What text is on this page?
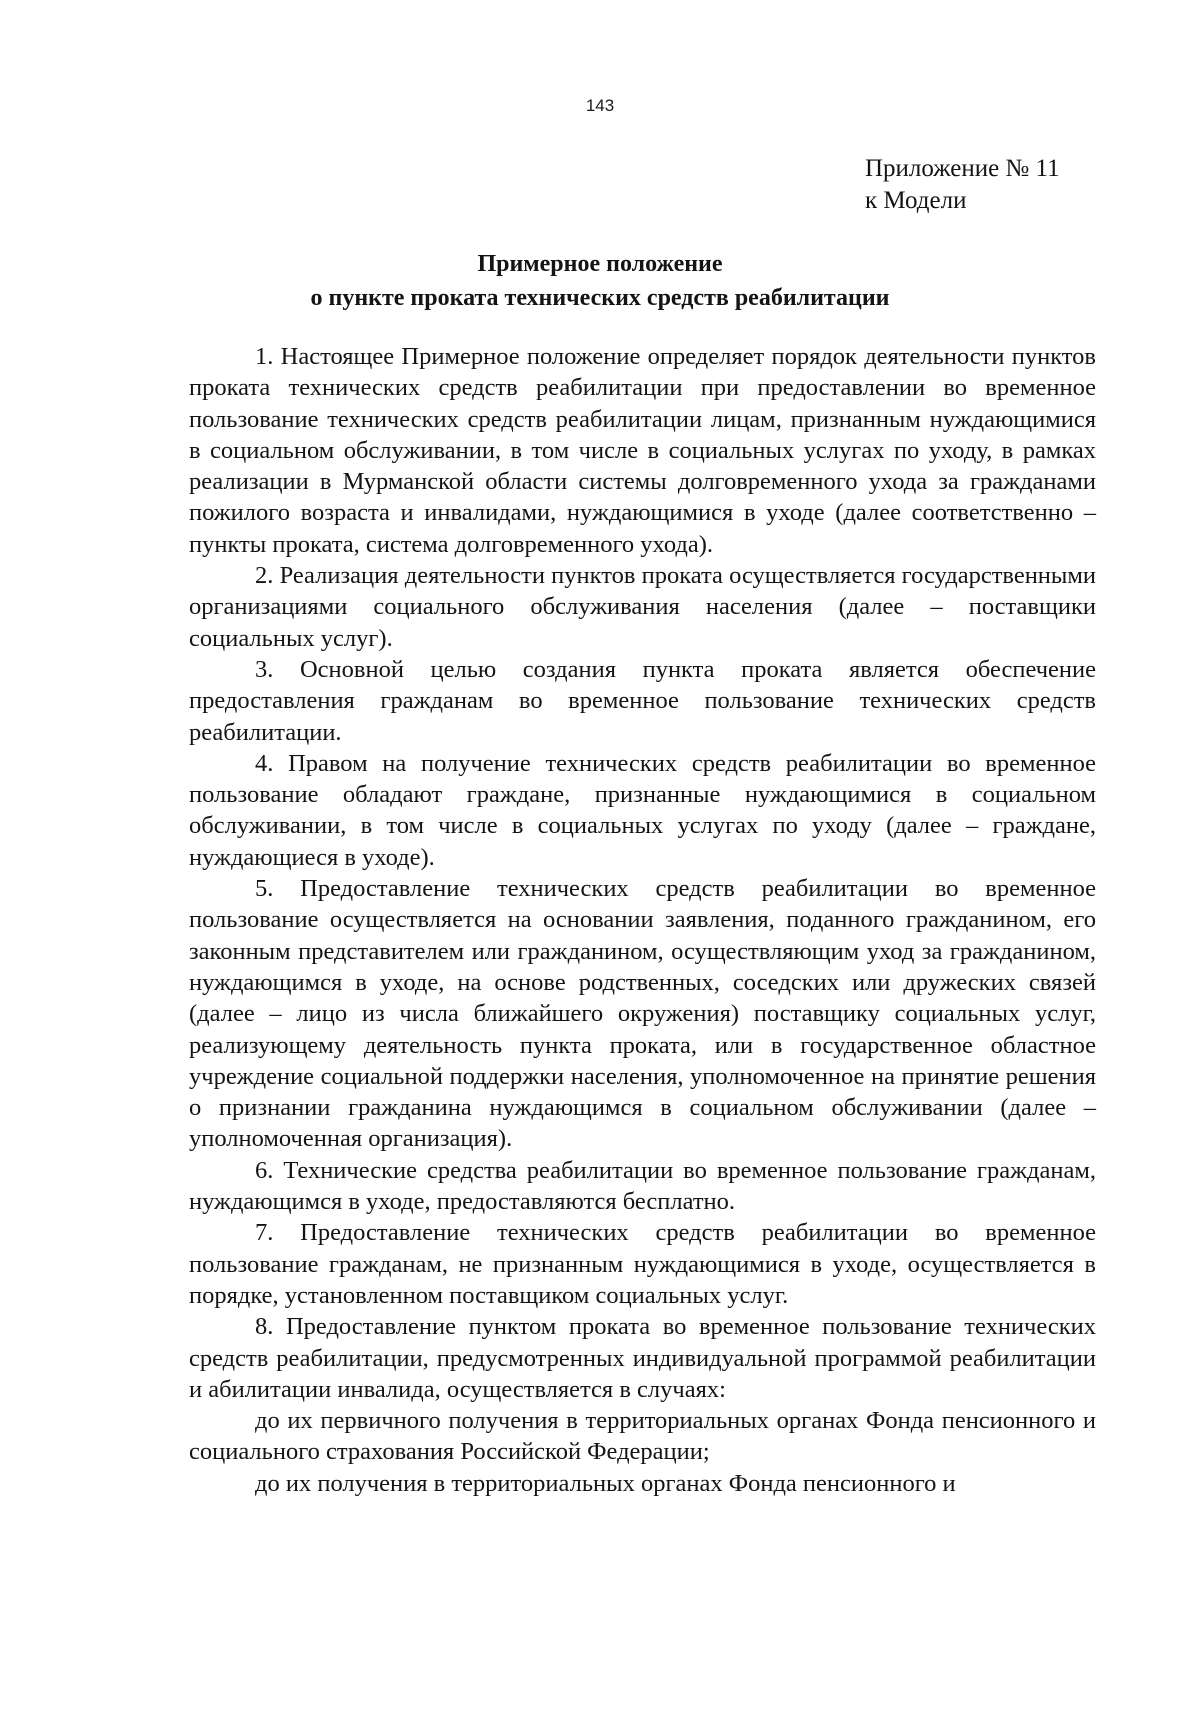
143
Приложение № 11
к Модели
Примерное положение
о пункте проката технических средств реабилитации

1. Настоящее Примерное положение определяет порядок деятельности пунктов проката технических средств реабилитации при предоставлении во временное пользование технических средств реабилитации лицам, признанным нуждающимися в социальном обслуживании, в том числе в социальных услугах по уходу, в рамках реализации в Мурманской области системы долговременного ухода за гражданами пожилого возраста и инвалидами, нуждающимися в уходе (далее соответственно – пункты проката, система долговременного ухода).

2. Реализация деятельности пунктов проката осуществляется государственными организациями социального обслуживания населения (далее – поставщики социальных услуг).

3. Основной целью создания пункта проката является обеспечение предоставления гражданам во временное пользование технических средств реабилитации.

4. Правом на получение технических средств реабилитации во временное пользование обладают граждане, признанные нуждающимися в социальном обслуживании, в том числе в социальных услугах по уходу (далее – граждане, нуждающиеся в уходе).

5. Предоставление технических средств реабилитации во временное пользование осуществляется на основании заявления, поданного гражданином, его законным представителем или гражданином, осуществляющим уход за гражданином, нуждающимся в уходе, на основе родственных, соседских или дружеских связей (далее – лицо из числа ближайшего окружения) поставщику социальных услуг, реализующему деятельность пункта проката, или в государственное областное учреждение социальной поддержки населения, уполномоченное на принятие решения о признании гражданина нуждающимся в социальном обслуживании (далее – уполномоченная организация).

6. Технические средства реабилитации во временное пользование гражданам, нуждающимся в уходе, предоставляются бесплатно.

7. Предоставление технических средств реабилитации во временное пользование гражданам, не признанным нуждающимися в уходе, осуществляется в порядке, установленном поставщиком социальных услуг.

8. Предоставление пунктом проката во временное пользование технических средств реабилитации, предусмотренных индивидуальной программой реабилитации и абилитации инвалида, осуществляется в случаях:

до их первичного получения в территориальных органах Фонда пенсионного и социального страхования Российской Федерации;

до их получения в территориальных органах Фонда пенсионного и
